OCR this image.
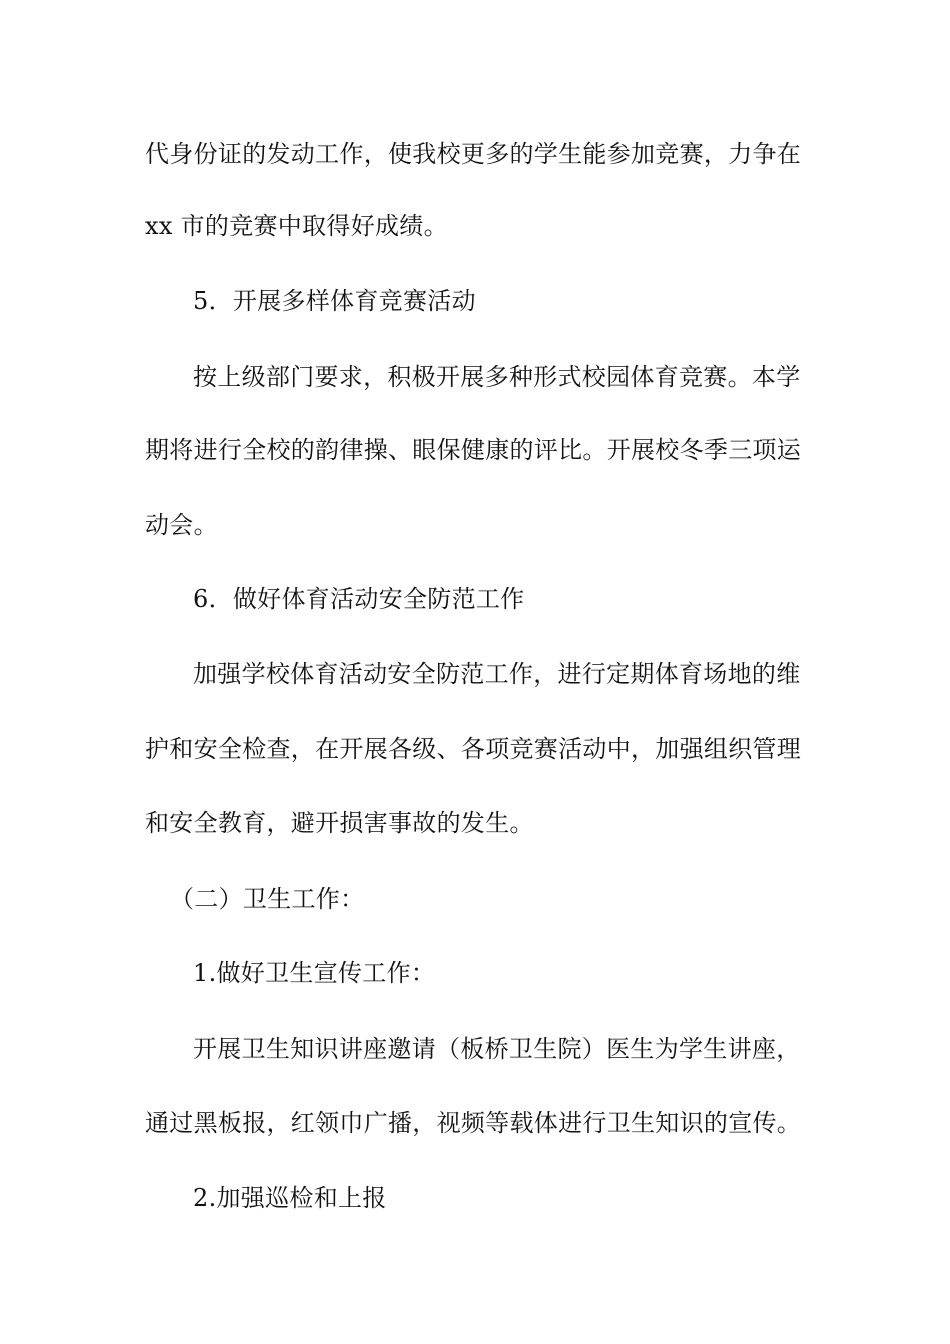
代身份证的发动工作，使我校更多的学生能参加竞赛，力争在
xx 市的竞赛中取得好成绩。
5．开展多样体育竞赛活动
按上级部门要求，积极开展多种形式校园体育竞赛。本学
期将进行全校的韵律操、眼保健康的评比。开展校冬季三项运
动会。
6．做好体育活动安全防范工作
加强学校体育活动安全防范工作，进行定期体育场地的维
护和安全检查，在开展各级、各项竞赛活动中，加强组织管理
和安全教育，避开损害事故的发生。
（二）卫生工作：
1.做好卫生宣传工作：
开展卫生知识讲座邀请（板桥卫生院）医生为学生讲座，
通过黑板报，红领巾广播，视频等载体进行卫生知识的宣传。
2.加强巡检和上报
